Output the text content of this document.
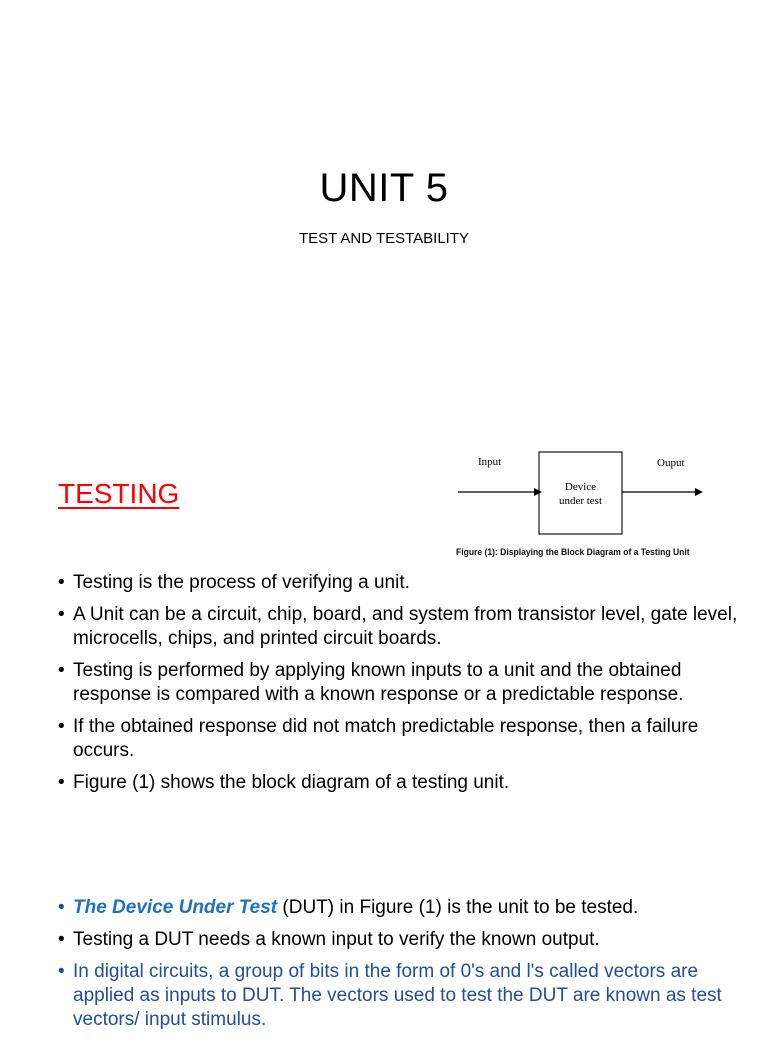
UNIT 5
TEST AND TESTABILITY
TESTING
Input	Ouput
Device
under test
Figure (1): Displaying the Block Diagram of a Testing Unit
• Testing is the process of verifying a unit.
• A Unit can be a circuit, chip, board, and system from transistor level, gate level, microcells, chips, and printed circuit boards.
• Testing is performed by applying known inputs to a unit and the obtained response is compared with a known response or a predictable response.
• If the obtained response did not match predictable response, then a failure occurs.
• Figure (1) shows the block diagram of a testing unit.
• The Device Under Test (DUT) in Figure (1) is the unit to be tested.
• Testing a DUT needs a known input to verify the known output.
• In digital circuits, a group of bits in the form of 0's and l's called vectors are applied as inputs to DUT. The vectors used to test the DUT are known as test vectors/ input stimulus.
